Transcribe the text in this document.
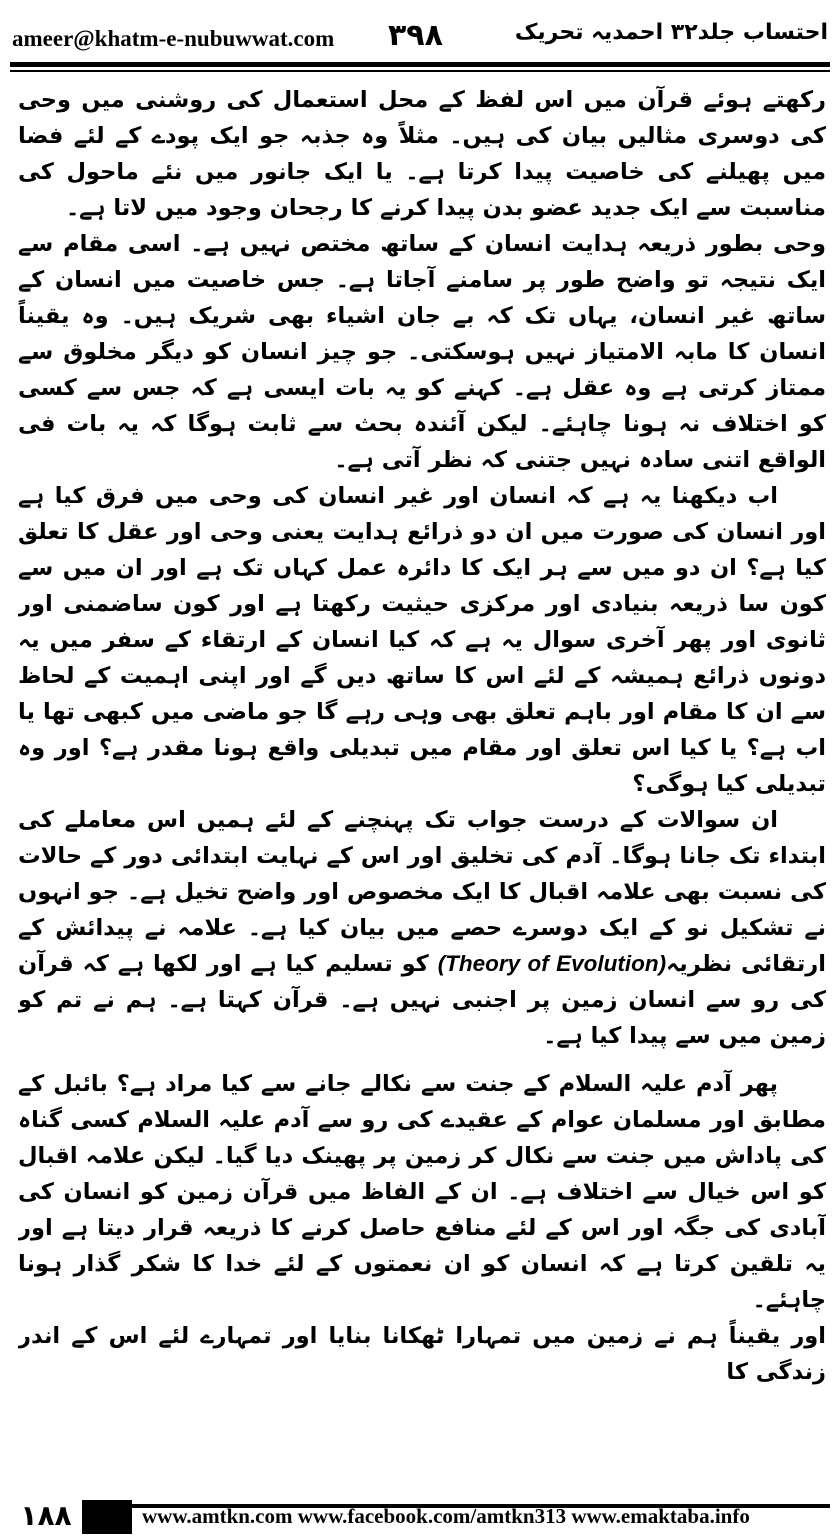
ameer@khatm-e-nubuwwat.com ۳۹۸	احتساب جلد۳۲ احمدیہ تحریک

رکھتے ہوئے قرآن میں اس لفظ کے محل استعمال کی روشنی میں وحی کی دوسری مثالیں بیان کی ہیں۔ مثلاً وہ جذبہ جو ایک پودے کے لئے فضا میں پھیلنے کی خاصیت پیدا کرتا ہے۔ یا ایک جانور میں نئے ماحول کی مناسبت سے ایک جدید عضو بدن پیدا کرنے کا رجحان وجود میں لاتا ہے۔

وحی بطور ذریعہ ہدایت انسان کے ساتھ مختص نہیں ہے۔ اسی مقام سے ایک نتیجہ تو واضح طور پر سامنے آجاتا ہے۔ جس خاصیت میں انسان کے ساتھ غیر انسان، یہاں تک کہ بے جان اشیاء بھی شریک ہیں۔ وہ یقیناً انسان کا مابہ الامتیاز نہیں ہوسکتی۔ جو چیز انسان کو دیگر مخلوق سے ممتاز کرتی ہے وہ عقل ہے۔ کہنے کو یہ بات ایسی ہے کہ جس سے کسی کو اختلاف نہ ہونا چاہئے۔ لیکن آئندہ بحث سے ثابت ہوگا کہ یہ بات فی الواقع اتنی سادہ نہیں جتنی کہ نظر آتی ہے۔

اب دیکھنا یہ ہے کہ انسان اور غیر انسان کی وحی میں فرق کیا ہے اور انسان کی صورت میں ان دو ذرائع ہدایت یعنی وحی اور عقل کا تعلق کیا ہے؟ ان دو میں سے ہر ایک کا دائرہ عمل کہاں تک ہے اور ان میں سے کون سا ذریعہ بنیادی اور مرکزی حیثیت رکھتا ہے اور کون ساضمنی اور ثانوی اور پھر آخری سوال یہ ہے کہ کیا انسان کے ارتقاء کے سفر میں یہ دونوں ذرائع ہمیشہ کے لئے اس کا ساتھ دیں گے اور اپنی اہمیت کے لحاظ سے ان کا مقام اور باہم تعلق بھی وہی رہے گا جو ماضی میں کبھی تھا یا اب ہے؟ یا کیا اس تعلق اور مقام میں تبدیلی واقع ہونا مقدر ہے؟ اور وہ تبدیلی کیا ہوگی؟

ان سوالات کے درست جواب تک پہنچنے کے لئے ہمیں اس معاملے کی ابتداء تک جانا ہوگا۔ آدم کی تخلیق اور اس کے نہایت ابتدائی دور کے حالات کی نسبت بھی علامہ اقبال کا ایک مخصوص اور واضح تخیل ہے۔ جو انہوں نے تشکیل نو کے ایک دوسرے حصے میں بیان کیا ہے۔ علامہ نے پیدائش کے ارتقائی نظریہ(Theory of Evolution) کو تسلیم کیا ہے اور لکھا ہے کہ قرآن کی رو سے انسان زمین پر اجنبی نہیں ہے۔ قرآن کہتا ہے۔ ہم نے تم کو زمین میں سے پیدا کیا ہے۔

پھر آدم علیہ السلام کے جنت سے نکالے جانے سے کیا مراد ہے؟ بائبل کے مطابق اور مسلمان عوام کے عقیدے کی رو سے آدم علیہ السلام کسی گناہ کی پاداش میں جنت سے نکال کر زمین پر پھینک دیا گیا۔ لیکن علامہ اقبال کو اس خیال سے اختلاف ہے۔ ان کے الفاظ میں قرآن زمین کو انسان کی آبادی کی جگہ اور اس کے لئے منافع حاصل کرنے کا ذریعہ قرار دیتا ہے اور یہ تلقین کرتا ہے کہ انسان کو ان نعمتوں کے لئے خدا کا شکر گذار ہونا چاہئے۔

اور یقیناً ہم نے زمین میں تمہارا ٹھکانا بنایا اور تمہارے لئے اس کے اندر زندگی کا

۱۸۸	www.amtkn.com www.facebook.com/amtkn313 www.emaktaba.info
